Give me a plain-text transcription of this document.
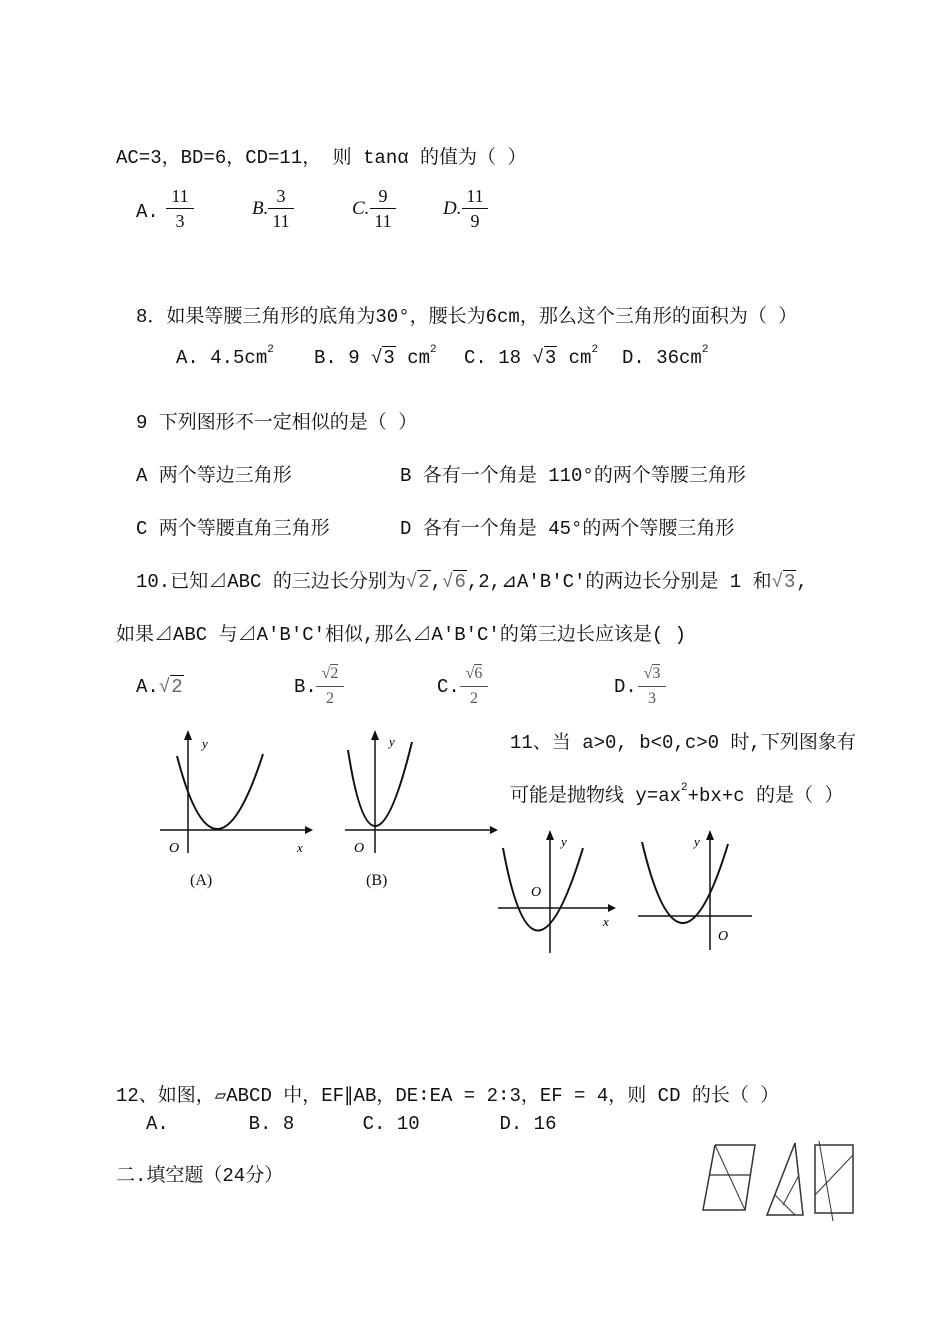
AC=3，BD=6，CD=11， 则 tanα 的值为（ ）
A.
11
3
B.
3
11
C.
9
11
D.
11
9
8．如果等腰三角形的底角为30°，腰长为6cm，那么这个三角形的面积为（ ）
A. $4.5cm^2$ B. 9 √3 $cm^2$ C. 18 √3 $cm^2$ D. $36cm^2$
9 下列图形不一定相似的是（ ）
A 两个等边三角形	B 各有一个角是 110°的两个等腰三角形
C 两个等腰直角三角形	D 各有一个角是 45°的两个等腰三角形
10.已知⊿ABC 的三边长分别为√2,√6,2,⊿A′B′C′的两边长分别是 1 和√3,
如果⊿ABC 与⊿A′B′C′相似,那么⊿A′B′C′的第三边长应该是( )
A.√2	B.
√2
2
C.
√6
2
D.
√3
3
11、当 a>0, b<0,c>0 时,下列图象有
可能是抛物线 $y=ax^2+bx+c$ 的是（ ）
y
x
O
(A)
y
O
(B)
y
x
O
y
O
12、如图，▱ABCD 中，EF∥AB，DE∶EA = 2∶3，EF = 4，则 CD 的长（ ）
A.       B. 8      C. 10       D. 16
二.填空题（24分）
